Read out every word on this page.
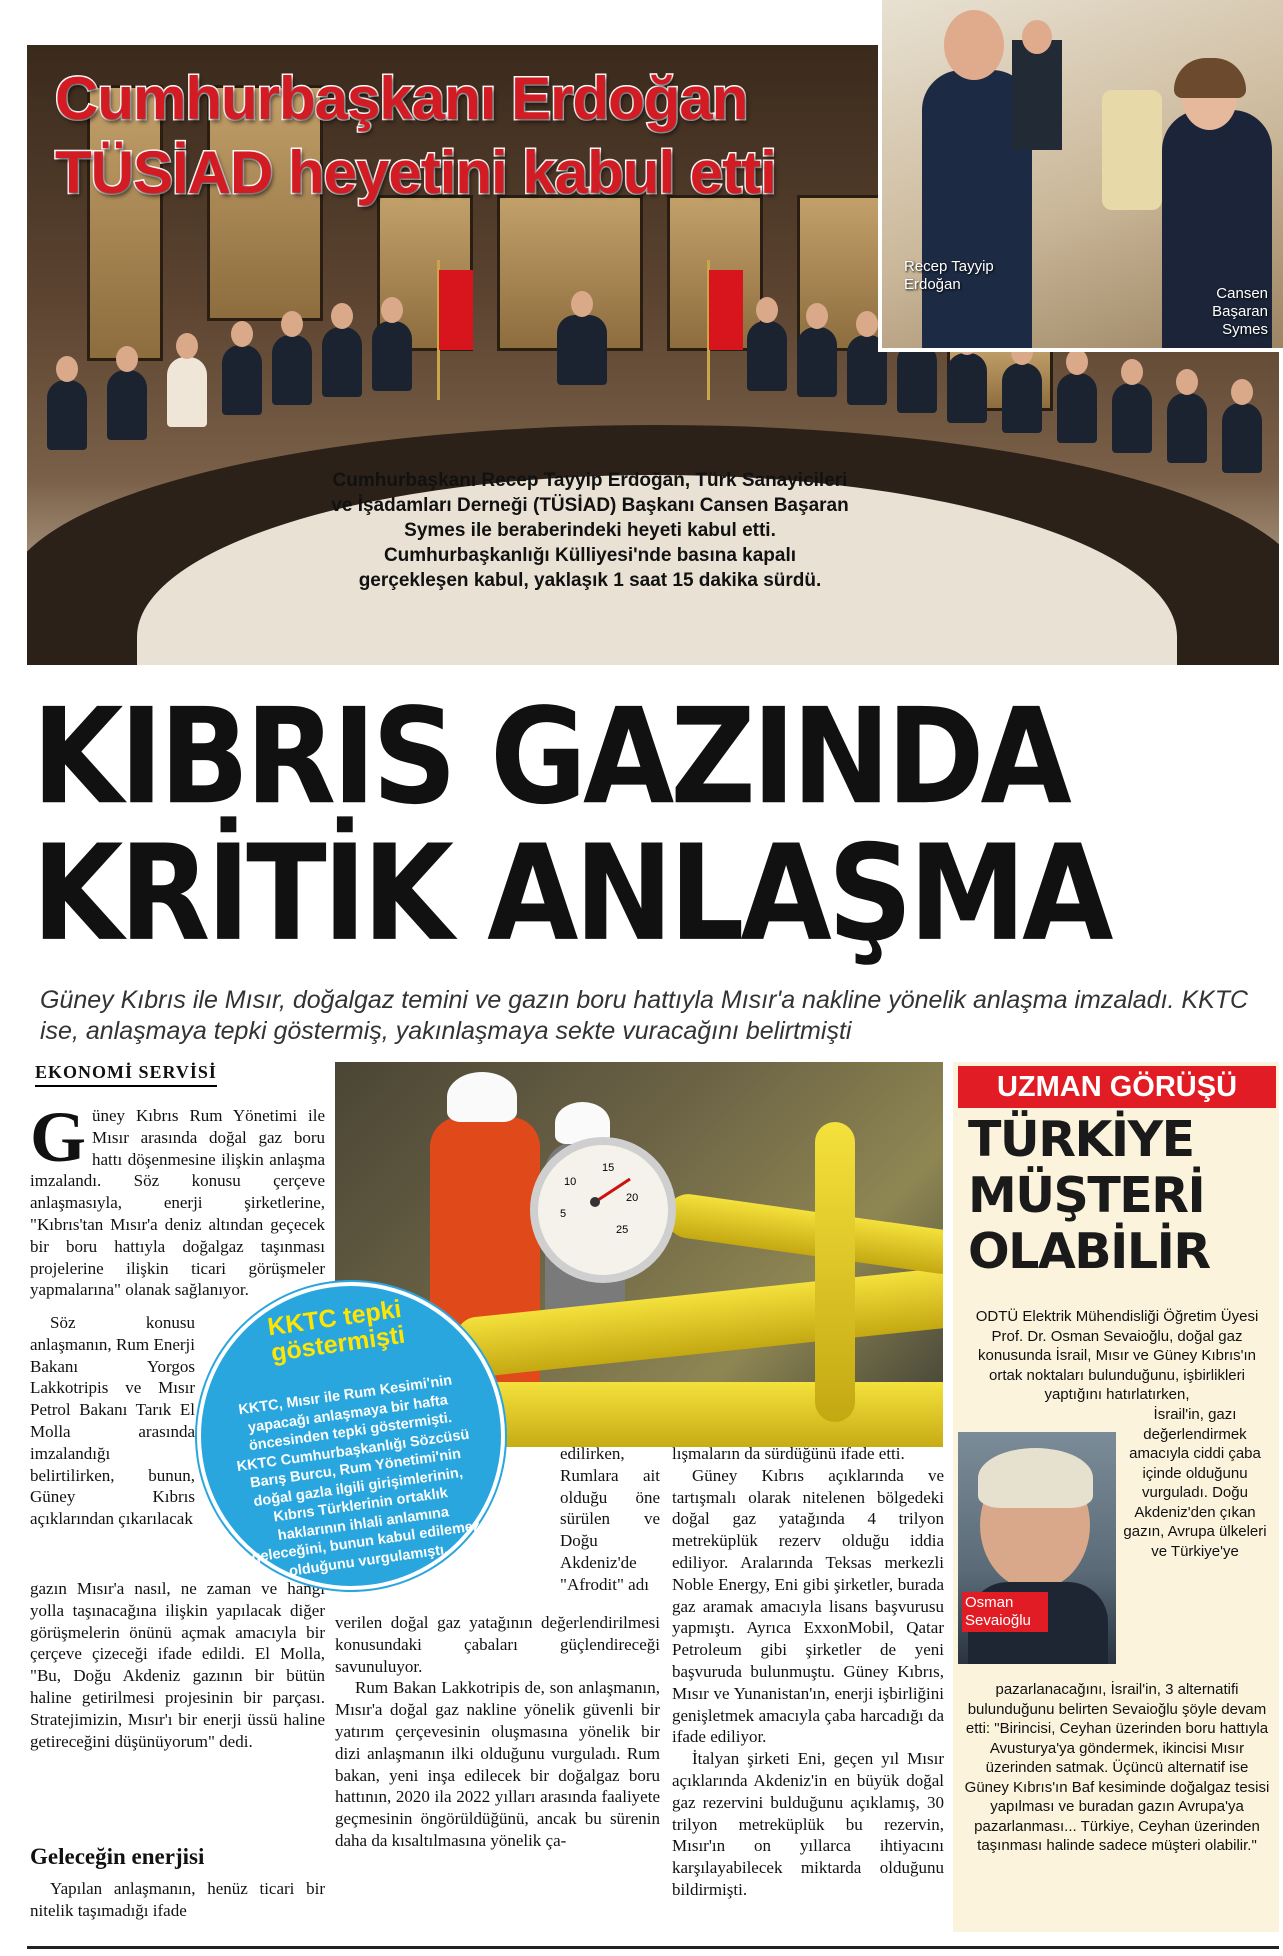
Cumhurbaşkanı Erdoğan
TÜSİAD heyetini kabul etti
Cumhurbaşkanı Recep Tayyip Erdoğan, Türk Sanayicileri ve İşadamları Derneği (TÜSİAD) Başkanı Cansen Başaran Symes ile beraberindeki heyeti kabul etti. Cumhurbaşkanlığı Külliyesi'nde basına kapalı gerçekleşen kabul, yaklaşık 1 saat 15 dakika sürdü.
Recep Tayyip Erdoğan
Cansen Başaran Symes
KIBRIS GAZINDA
KRİTİK ANLAŞMA
Güney Kıbrıs ile Mısır, doğalgaz temini ve gazın boru hattıyla Mısır'a nakline yönelik anlaşma imzaladı. KKTC ise, anlaşmaya tepki göstermiş, yakınlaşmaya sekte vuracağını belirtmişti
EKONOMİ SERVİSİ
Güney Kıbrıs Rum Yönetimi ile Mısır arasında doğal gaz boru hattı döşenmesine ilişkin anlaşma imzalandı. Söz konusu çerçeve anlaşmasıyla, enerji şirketlerine, "Kıbrıs'tan Mısır'a deniz altından geçecek bir boru hattıyla doğalgaz taşınması projelerine ilişkin ticari görüşmeler yapmalarına" olanak sağlanıyor.
Söz konusu anlaşmanın, Rum Enerji Bakanı Yorgos Lakkotripis ve Mısır Petrol Bakanı Tarık El Molla arasında imzalandığı belirtilirken, bunun, Güney Kıbrıs açıklarından çıkarılacak
gazın Mısır'a nasıl, ne zaman ve hangi yolla taşınacağına ilişkin yapılacak diğer görüşmelerin önünü açmak amacıyla bir çerçeve çizeceği ifade edildi. El Molla, "Bu, Doğu Akdeniz gazının bir bütün haline getirilmesi projesinin bir parçası. Stratejimizin, Mısır'ı bir enerji üssü haline getireceğini düşünüyorum" dedi.
Geleceğin enerjisi
Yapılan anlaşmanın, henüz ticari bir nitelik taşımadığı ifade
10
15
20
25
5
KKTC tepki göstermişti
KKTC, Mısır ile Rum Kesimi'nin yapacağı anlaşmaya bir hafta öncesinden tepki göstermişti. KKTC Cumhurbaşkanlığı Sözcüsü Barış Burcu, Rum Yönetimi'nin doğal gazla ilgili girişimlerinin, Kıbrıs Türklerinin ortaklık haklarının ihlali anlamına geleceğini, bunun kabul edilemez olduğunu vurgulamıştı.
edilirken, Rumlara ait olduğu öne sürülen ve Doğu Akdeniz'de "Afrodit" adı
verilen doğal gaz yatağının değerlendirilmesi konusundaki çabaları güçlendireceği savunuluyor.
Rum Bakan Lakkotripis de, son anlaşmanın, Mısır'a doğal gaz nakline yönelik güvenli bir yatırım çerçevesinin oluşmasına yönelik bir dizi anlaşmanın ilki olduğunu vurguladı. Rum bakan, yeni inşa edilecek bir doğalgaz boru hattının, 2020 ila 2022 yılları arasında faaliyete geçmesinin öngörüldüğünü, ancak bu sürenin daha da kısaltılmasına yönelik ça-
lışmaların da sürdüğünü ifade etti.
Güney Kıbrıs açıklarında ve tartışmalı olarak nitelenen bölgedeki doğal gaz yatağında 4 trilyon metreküplük rezerv olduğu iddia ediliyor. Aralarında Teksas merkezli Noble Energy, Eni gibi şirketler, burada gaz aramak amacıyla lisans başvurusu yapmıştı. Ayrıca ExxonMobil, Qatar Petroleum gibi şirketler de yeni başvuruda bulunmuştu. Güney Kıbrıs, Mısır ve Yunanistan'ın, enerji işbirliğini genişletmek amacıyla çaba harcadığı da ifade ediliyor.
İtalyan şirketi Eni, geçen yıl Mısır açıklarında Akdeniz'in en büyük doğal gaz rezervini bulduğunu açıklamış, 30 trilyon metreküplük bu rezervin, Mısır'ın on yıllarca ihtiyacını karşılayabilecek miktarda olduğunu bildirmişti.
UZMAN GÖRÜŞÜ
TÜRKİYE MÜŞTERİ OLABİLİR
ODTÜ Elektrik Mühendisliği Öğretim Üyesi Prof. Dr. Osman Sevaioğlu, doğal gaz konusunda İsrail, Mısır ve Güney Kıbrıs'ın ortak noktaları bulunduğunu, işbirlikleri yaptığını hatırlatırken,
Osman Sevaioğlu
İsrail'in, gazı değerlendirmek amacıyla ciddi çaba içinde olduğunu vurguladı. Doğu Akdeniz'den çıkan gazın, Avrupa ülkeleri ve Türkiye'ye
pazarlanacağını, İsrail'in, 3 alternatifi bulunduğunu belirten Sevaioğlu şöyle devam etti: "Birincisi, Ceyhan üzerinden boru hattıyla Avusturya'ya göndermek, ikincisi Mısır üzerinden satmak. Üçüncü alternatif ise Güney Kıbrıs'ın Baf kesiminde doğalgaz tesisi yapılması ve buradan gazın Avrupa'ya pazarlanması... Türkiye, Ceyhan üzerinden taşınması halinde sadece müşteri olabilir."
